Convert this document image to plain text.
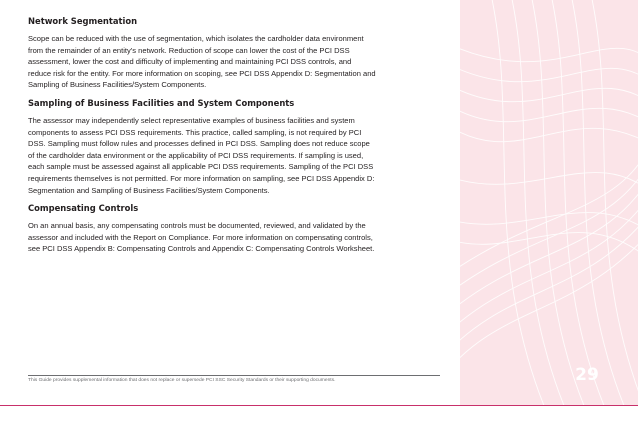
Network Segmentation

Scope can be reduced with the use of segmentation, which isolates the cardholder data environment

from the remainder of an entity’s network. Reduction of scope can lower the cost of the PCI DSS

assessment, lower the cost and difficulty of implementing and maintaining PCI DSS controls, and

reduce risk for the entity. For more information on scoping, see PCI DSS Appendix D: Segmentation and

Sampling of Business Facilities/System Components.

Sampling of Business Facilities and System Components

The assessor may independently select representative examples of business facilities and system

components to assess PCI DSS requirements. This practice, called sampling, is not required by PCI

DSS. Sampling must follow rules and processes defined in PCI DSS. Sampling does not reduce scope

of the cardholder data environment or the applicability of PCI DSS requirements. If sampling is used,

each sample must be assessed against all applicable PCI DSS requirements. Sampling of the PCI DSS

requirements themselves is not permitted. For more information on sampling, see PCI DSS Appendix D:

Segmentation and Sampling of Business Facilities/System Components.

Compensating Controls

On an annual basis, any compensating controls must be documented, reviewed, and validated by the

assessor and included with the Report on Compliance. For more information on compensating controls,

see PCI DSS Appendix B: Compensating Controls and Appendix C: Compensating Controls Worksheet.

This Guide provides supplemental information that does not replace or supersede PCI SSC Security Standards or their supporting documents.	29
